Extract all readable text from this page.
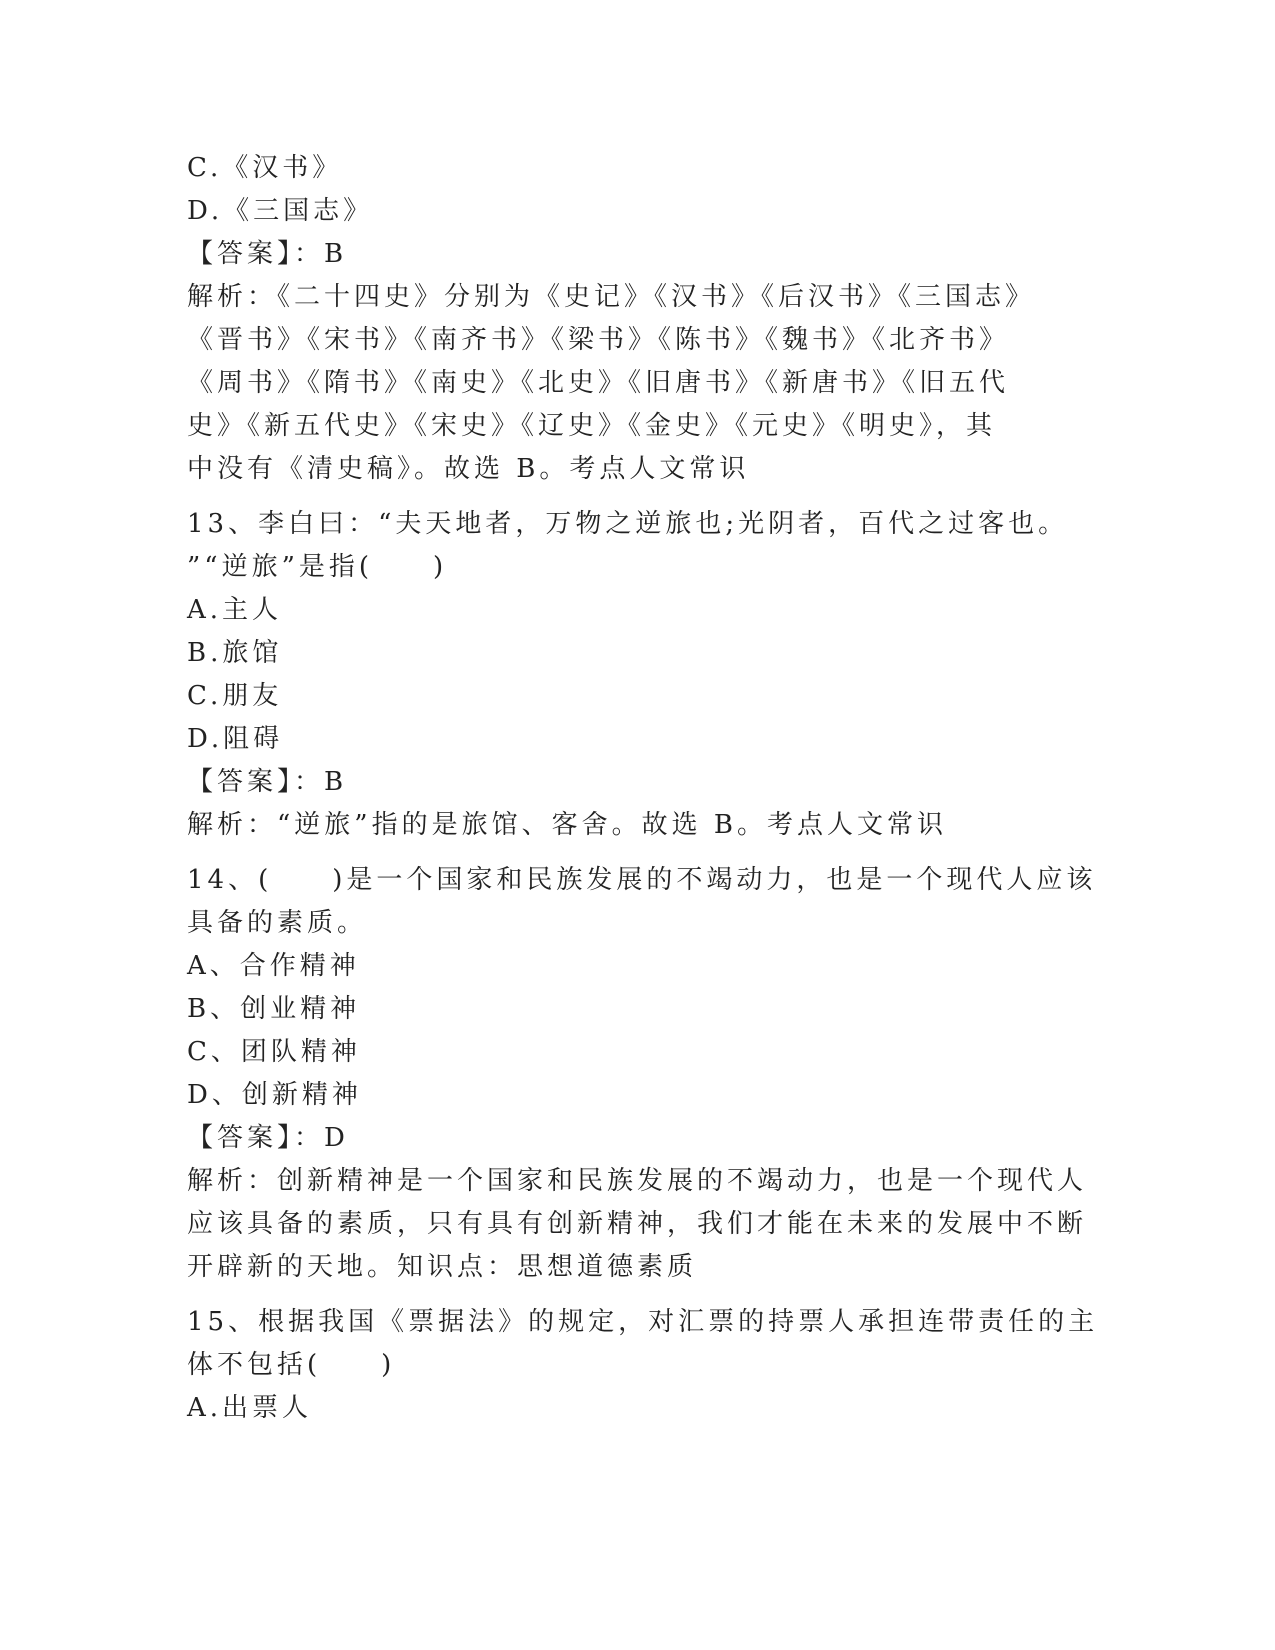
C.《汉书》
D.《三国志》
【答案】：B
解析：《二十四史》分别为《史记》《汉书》《后汉书》《三国志》
《晋书》《宋书》《南齐书》《梁书》《陈书》《魏书》《北齐书》
《周书》《隋书》《南史》《北史》《旧唐书》《新唐书》《旧五代
史》《新五代史》《宋史》《辽史》《金史》《元史》《明史》，其
中没有《清史稿》。故选 B。考点人文常识
13、李白曰：“夫天地者，万物之逆旅也;光阴者，百代之过客也。
”“逆旅”是指(　　)
A.主人
B.旅馆
C.朋友
D.阻碍
【答案】：B
解析：“逆旅”指的是旅馆、客舍。故选 B。考点人文常识
14、(　　)是一个国家和民族发展的不竭动力，也是一个现代人应该
具备的素质。
A、合作精神
B、创业精神
C、团队精神
D、创新精神
【答案】：D
解析：创新精神是一个国家和民族发展的不竭动力，也是一个现代人
应该具备的素质，只有具有创新精神，我们才能在未来的发展中不断
开辟新的天地。知识点：思想道德素质
15、根据我国《票据法》的规定，对汇票的持票人承担连带责任的主
体不包括(　　)
A.出票人
